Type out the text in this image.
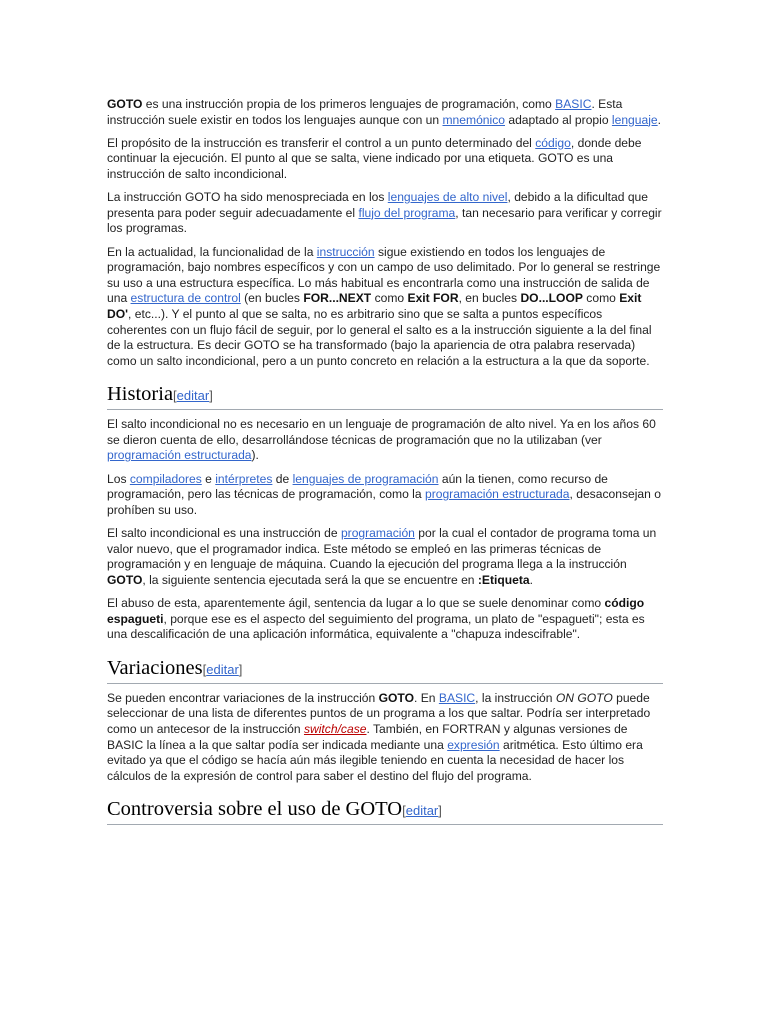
GOTO es una instrucción propia de los primeros lenguajes de programación, como BASIC. Esta instrucción suele existir en todos los lenguajes aunque con un mnemónico adaptado al propio lenguaje.

El propósito de la instrucción es transferir el control a un punto determinado del código, donde debe continuar la ejecución. El punto al que se salta, viene indicado por una etiqueta. GOTO es una instrucción de salto incondicional.

La instrucción GOTO ha sido menospreciada en los lenguajes de alto nivel, debido a la dificultad que presenta para poder seguir adecuadamente el flujo del programa, tan necesario para verificar y corregir los programas.

En la actualidad, la funcionalidad de la instrucción sigue existiendo en todos los lenguajes de programación, bajo nombres específicos y con un campo de uso delimitado. Por lo general se restringe su uso a una estructura específica. Lo más habitual es encontrarla como una instrucción de salida de una estructura de control (en bucles FOR...NEXT como Exit FOR, en bucles DO...LOOP como Exit DO', etc...). Y el punto al que se salta, no es arbitrario sino que se salta a puntos específicos coherentes con un flujo fácil de seguir, por lo general el salto es a la instrucción siguiente a la del final de la estructura. Es decir GOTO se ha transformado (bajo la apariencia de otra palabra reservada) como un salto incondicional, pero a un punto concreto en relación a la estructura a la que da soporte.

Historia[editar]

El salto incondicional no es necesario en un lenguaje de programación de alto nivel. Ya en los años 60 se dieron cuenta de ello, desarrollándose técnicas de programación que no la utilizaban (ver programación estructurada).

Los compiladores e intérpretes de lenguajes de programación aún la tienen, como recurso de programación, pero las técnicas de programación, como la programación estructurada, desaconsejan o prohíben su uso.

El salto incondicional es una instrucción de programación por la cual el contador de programa toma un valor nuevo, que el programador indica. Este método se empleó en las primeras técnicas de programación y en lenguaje de máquina. Cuando la ejecución del programa llega a la instrucción GOTO, la siguiente sentencia ejecutada será la que se encuentre en :Etiqueta.

El abuso de esta, aparentemente ágil, sentencia da lugar a lo que se suele denominar como código espagueti, porque ese es el aspecto del seguimiento del programa, un plato de "espagueti"; esta es una descalificación de una aplicación informática, equivalente a "chapuza indescifrable".

Variaciones[editar]

Se pueden encontrar variaciones de la instrucción GOTO. En BASIC, la instrucción ON GOTO puede seleccionar de una lista de diferentes puntos de un programa a los que saltar. Podría ser interpretado como un antecesor de la instrucción switch/case. También, en FORTRAN y algunas versiones de BASIC la línea a la que saltar podía ser indicada mediante una expresión aritmética. Esto último era evitado ya que el código se hacía aún más ilegible teniendo en cuenta la necesidad de hacer los cálculos de la expresión de control para saber el destino del flujo del programa.

Controversia sobre el uso de GOTO[editar]
